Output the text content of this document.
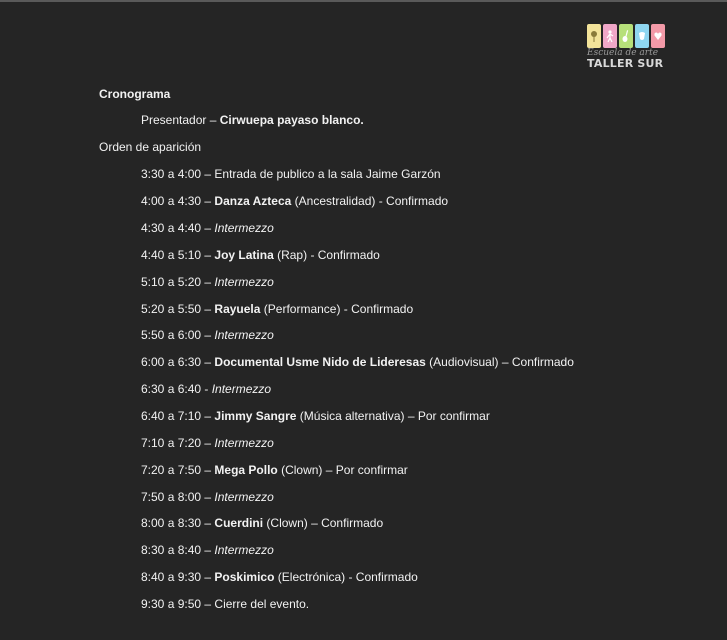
Escuela de arte
TALLER SUR
Cronograma
Presentador – Cirwuepa payaso blanco.
Orden de aparición
3:30 a 4:00 – Entrada de publico a la sala Jaime Garzón
4:00 a 4:30 – Danza Azteca (Ancestralidad) - Confirmado
4:30 a 4:40 – Intermezzo
4:40 a 5:10 – Joy Latina (Rap) - Confirmado
5:10 a 5:20 – Intermezzo
5:20 a 5:50 – Rayuela (Performance) - Confirmado
5:50 a 6:00 – Intermezzo
6:00 a 6:30 – Documental Usme Nido de Lideresas (Audiovisual) – Confirmado
6:30 a 6:40 - Intermezzo
6:40 a 7:10 – Jimmy Sangre (Música alternativa) – Por confirmar
7:10 a 7:20 – Intermezzo
7:20 a 7:50 – Mega Pollo (Clown) – Por confirmar
7:50 a 8:00 – Intermezzo
8:00 a 8:30 – Cuerdini (Clown) – Confirmado
8:30 a 8:40 – Intermezzo
8:40 a 9:30 – Poskimico (Electrónica) - Confirmado
9:30 a 9:50 – Cierre del evento.
